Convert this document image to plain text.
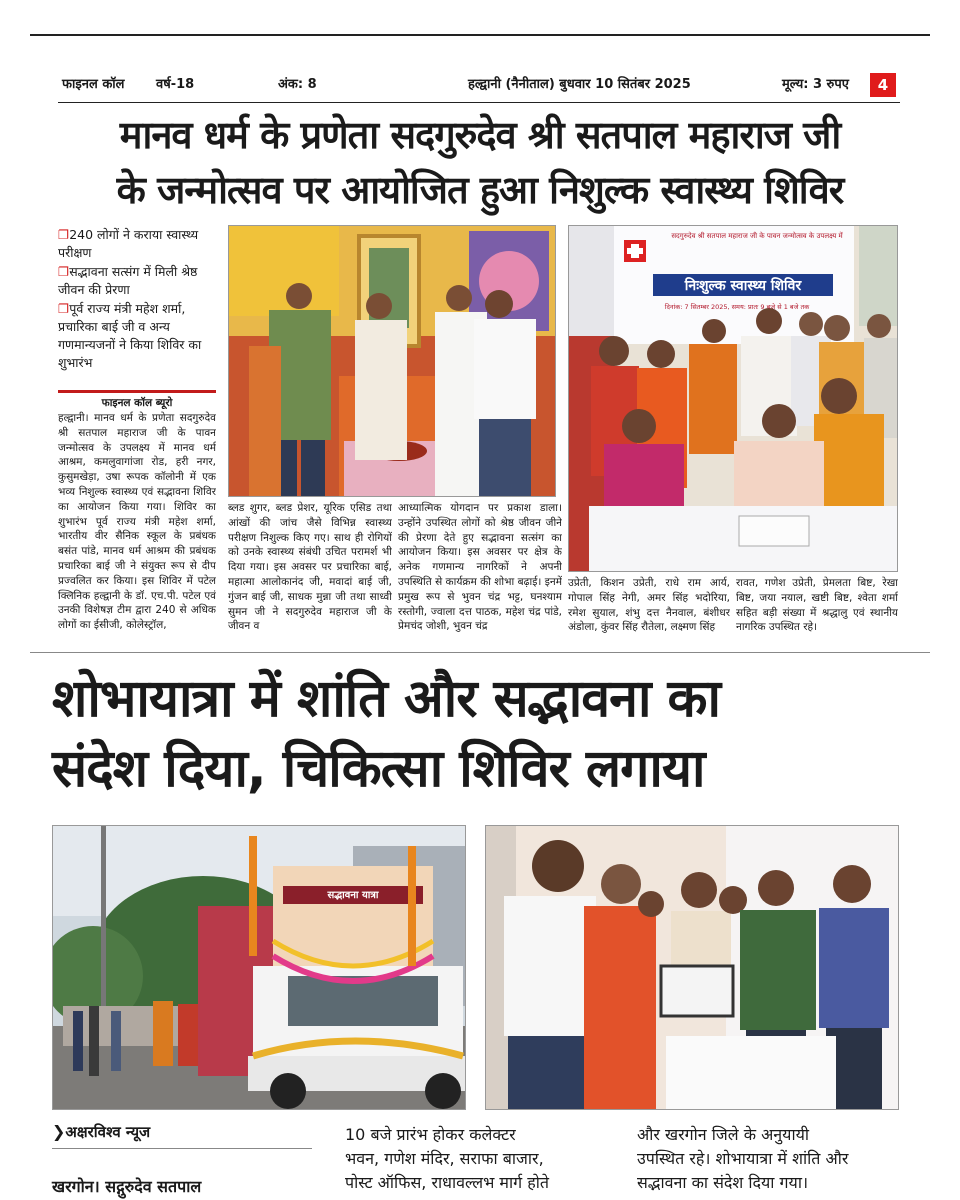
फाइनल कॉल वर्ष-18	अंक: 8	हल्द्वानी (नैनीताल) बुधवार 10 सितंबर 2025	मूल्य: 3 रुपए	4
मानव धर्म के प्रणेता सदगुरुदेव श्री सतपाल महाराज जी
के जन्मोत्सव पर आयोजित हुआ निशुल्क स्वास्थ्य शिविर
❐240 लोगों ने कराया स्वास्थ्य परीक्षण
❐सद्भावना सत्संग में मिली श्रेष्ठ जीवन की प्रेरणा
❐पूर्व राज्य मंत्री महेश शर्मा, प्रचारिका बाई जी व अन्य गणमान्यजनों ने किया शिविर का शुभारंभ
फाइनल कॉल ब्यूरो
सदगुरुदेव श्री सतपाल महाराज जी के पावन जन्मोत्सव के उपलक्ष्य में
निःशुल्क स्वास्थ्य शिविर
दिनांक: 7 सितम्बर 2025, समय: प्रातः 9 बजे से 1 बजे तक

हल्द्वानी। मानव धर्म के प्रणेता सदगुरुदेव श्री सतपाल महाराज जी के पावन जन्मोत्सव के उपलक्ष्य में मानव धर्म आश्रम, कमलुवागांजा रोड, हरी नगर, कुसुमखेड़ा, उषा रूपक कॉलोनी में एक भव्य निशुल्क स्वास्थ्य एवं सद्भावना शिविर का आयोजन किया गया। शिविर का शुभारंभ पूर्व राज्य मंत्री महेश शर्मा, भारतीय वीर सैनिक स्कूल के प्रबंधक बसंत पांडे, मानव धर्म आश्रम की प्रबंधक प्रचारिका बाई जी ने संयुक्त रूप से दीप प्रज्वलित कर किया। इस शिविर में पटेल क्लिनिक हल्द्वानी के डॉ. एच.पी. पटेल एवं उनकी विशेषज्ञ टीम द्वारा 240 से अधिक लोगों का ईसीजी, कोलेस्ट्रॉल,

ब्लड शुगर, ब्लड प्रेशर, यूरिक एसिड तथा आंखों की जांच जैसे विभिन्न स्वास्थ्य परीक्षण निशुल्क किए गए। साथ ही रोगियों को उनके स्वास्थ्य संबंधी उचित परामर्श भी दिया गया। इस अवसर पर प्रचारिका बाई, महात्मा आलोकानंद जी, मवादां बाई जी, गुंजन बाई जी, साधक मुन्ना जी तथा साध्वी सुमन जी ने सदगुरुदेव महाराज जी के जीवन व

आध्यात्मिक योगदान पर प्रकाश डाला। उन्होंने उपस्थित लोगों को श्रेष्ठ जीवन जीने की प्रेरणा देते हुए सद्भावना सत्संग का आयोजन किया। इस अवसर पर क्षेत्र के अनेक गणमान्य नागरिकों ने अपनी उपस्थिति से कार्यक्रम की शोभा बढ़ाई। इनमें प्रमुख रूप से भुवन चंद्र भट्ट, घनश्याम रस्तोगी, ज्वाला दत्त पाठक, महेश चंद्र पांडे, प्रेमचंद जोशी, भुवन चंद्र

उप्रेती, किशन उप्रेती, राधे राम आर्य, गोपाल सिंह नेगी, अमर सिंह भदोरिया, रमेश सुयाल, शंभु दत्त नैनवाल, बंशीधर अंडोला, कुंवर सिंह रौतेला, लक्ष्मण सिंह

रावत, गणेश उप्रेती, प्रेमलता बिष्ट, रेखा बिष्ट, जया नयाल, खष्टी बिष्ट, श्वेता शर्मा सहित बड़ी संख्या में श्रद्धालु एवं स्थानीय नागरिक उपस्थित रहे।

शोभायात्रा में शांति और सद्भावना का
संदेश दिया, चिकित्सा शिविर लगाया
सद्भावना यात्रा
❯अक्षरविश्व न्यूज
खरगोन। सद्गुरुदेव सतपाल
10 बजे प्रारंभ होकर कलेक्टर
भवन, गणेश मंदिर, सराफा बाजार,
पोस्ट ऑफिस, राधावल्लभ मार्ग होते
और खरगोन जिले के अनुयायी
उपस्थित रहे। शोभायात्रा में शांति और
सद्भावना का संदेश दिया गया।
